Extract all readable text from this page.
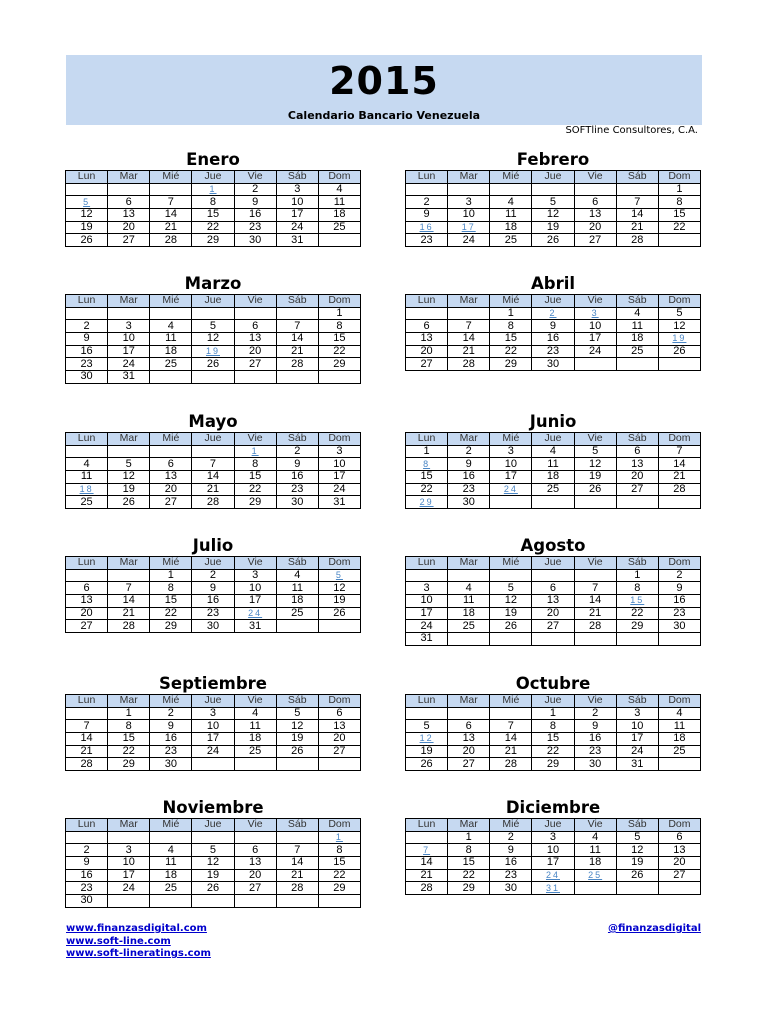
2015
Calendario Bancario Venezuela
SOFTline Consultores, C.A.
Enero
Lun	Mar	Mié	Jue	Vie	Sáb	Dom
			1	2	3	4
5	6	7	8	9	10	11
12	13	14	15	16	17	18
19	20	21	22	23	24	25
26	27	28	29	30	31	
Febrero
Lun	Mar	Mié	Jue	Vie	Sáb	Dom
						1
2	3	4	5	6	7	8
9	10	11	12	13	14	15
16	17	18	19	20	21	22
23	24	25	26	27	28	
Marzo
Lun	Mar	Mié	Jue	Vie	Sáb	Dom
						1
2	3	4	5	6	7	8
9	10	11	12	13	14	15
16	17	18	19	20	21	22
23	24	25	26	27	28	29
30	31					
Abril
Lun	Mar	Mié	Jue	Vie	Sáb	Dom
		1	2	3	4	5
6	7	8	9	10	11	12
13	14	15	16	17	18	19
20	21	22	23	24	25	26
27	28	29	30			
Mayo
Lun	Mar	Mié	Jue	Vie	Sáb	Dom
				1	2	3
4	5	6	7	8	9	10
11	12	13	14	15	16	17
18	19	20	21	22	23	24
25	26	27	28	29	30	31
Junio
Lun	Mar	Mié	Jue	Vie	Sáb	Dom
1	2	3	4	5	6	7
8	9	10	11	12	13	14
15	16	17	18	19	20	21
22	23	24	25	26	27	28
29	30					
Julio
Lun	Mar	Mié	Jue	Vie	Sáb	Dom
		1	2	3	4	5
6	7	8	9	10	11	12
13	14	15	16	17	18	19
20	21	22	23	24	25	26
27	28	29	30	31		
Agosto
Lun	Mar	Mié	Jue	Vie	Sáb	Dom
					1	2
3	4	5	6	7	8	9
10	11	12	13	14	15	16
17	18	19	20	21	22	23
24	25	26	27	28	29	30
31						
Septiembre
Lun	Mar	Mié	Jue	Vie	Sáb	Dom
	1	2	3	4	5	6
7	8	9	10	11	12	13
14	15	16	17	18	19	20
21	22	23	24	25	26	27
28	29	30				
Octubre
Lun	Mar	Mié	Jue	Vie	Sáb	Dom
			1	2	3	4
5	6	7	8	9	10	11
12	13	14	15	16	17	18
19	20	21	22	23	24	25
26	27	28	29	30	31	
Noviembre
Lun	Mar	Mié	Jue	Vie	Sáb	Dom
						1
2	3	4	5	6	7	8
9	10	11	12	13	14	15
16	17	18	19	20	21	22
23	24	25	26	27	28	29
30						
Diciembre
Lun	Mar	Mié	Jue	Vie	Sáb	Dom
	1	2	3	4	5	6
7	8	9	10	11	12	13
14	15	16	17	18	19	20
21	22	23	24	25	26	27
28	29	30	31			
www.finanzasdigital.com
www.soft-line.com
www.soft-lineratings.com
@finanzasdigital
